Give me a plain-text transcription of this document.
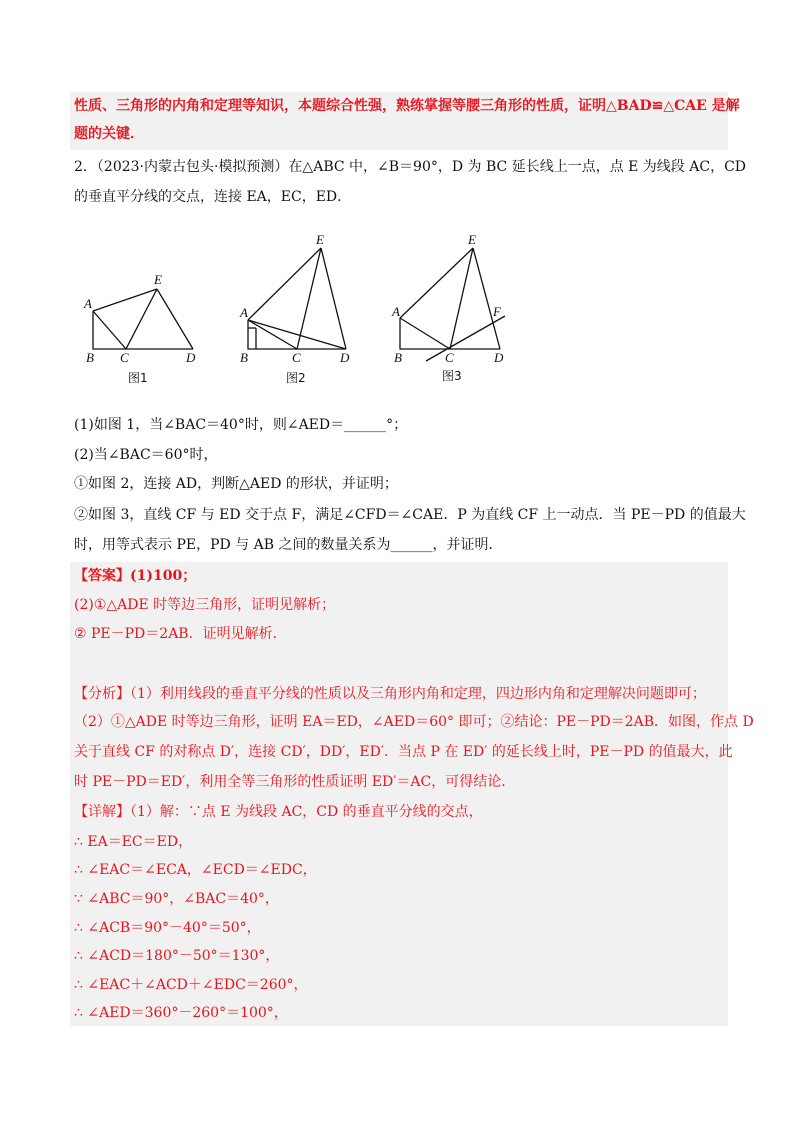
性质、三角形的内角和定理等知识，本题综合性强，熟练掌握等腰三角形的性质，证明△BAD≌△CAE 是解
题的关键．
2．（2023·内蒙古包头·模拟预测）在△ABC 中，∠B＝90°，D 为 BC 延长线上一点，点 E 为线段 AC，CD
的垂直平分线的交点，连接 EA，EC，ED．
A
B C	D
E
图1
A
B	C	D
E
图2
A
B	C	D
E
F
图3
(1)如图 1，当∠BAC＝40°时，则∠AED＝______°；
(2)当∠BAC＝60°时，
①如图 2，连接 AD，判断△AED 的形状，并证明；
②如图 3，直线 CF 与 ED 交于点 F，满足∠CFD＝∠CAE．P 为直线 CF 上一动点．当 PE－PD 的值最大
时，用等式表示 PE，PD 与 AB 之间的数量关系为______，并证明．
【答案】(1)100；
(2)①△ADE 时等边三角形，证明见解析；
② PE－PD＝2AB．证明见解析．
【分析】（1）利用线段的垂直平分线的性质以及三角形内角和定理，四边形内角和定理解决问题即可；
（2）①△ADE 时等边三角形，证明 EA＝ED，∠AED＝60° 即可；②结论：PE－PD＝2AB．如图，作点 D
关于直线 CF 的对称点 D′，连接 CD′，DD′，ED′．当点 P 在 ED′ 的延长线上时，PE－PD 的值最大，此
时 PE－PD＝ED′，利用全等三角形的性质证明 ED′＝AC，可得结论．
【详解】（1）解：∵点 E 为线段 AC，CD 的垂直平分线的交点，
∴ EA＝EC＝ED，
∴ ∠EAC＝∠ECA，∠ECD＝∠EDC，
∵ ∠ABC＝90°，∠BAC＝40°，
∴ ∠ACB＝90°－40°＝50°，
∴ ∠ACD＝180°－50°＝130°，
∴ ∠EAC＋∠ACD＋∠EDC＝260°，
∴ ∠AED＝360°－260°＝100°，
